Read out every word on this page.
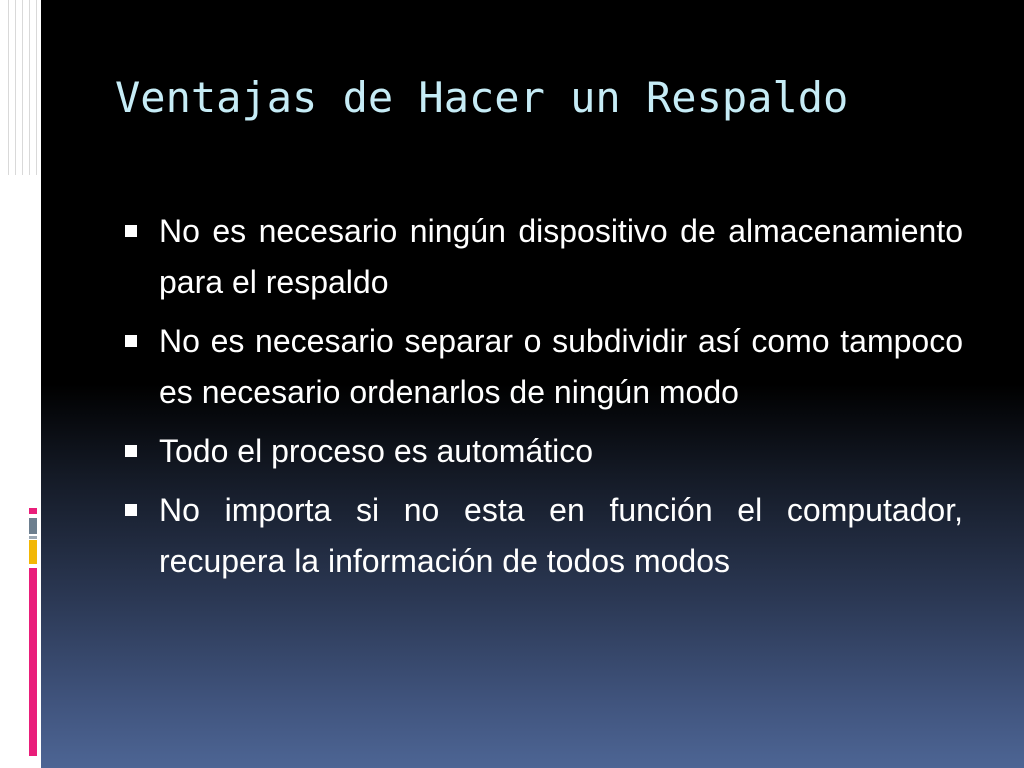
Ventajas de Hacer un Respaldo
No es necesario ningún dispositivo de almacenamiento para el respaldo
No es necesario separar o subdividir así como tampoco es necesario ordenarlos de ningún modo
Todo el proceso es automático
No importa si no esta en función el computador, recupera la información de todos modos
